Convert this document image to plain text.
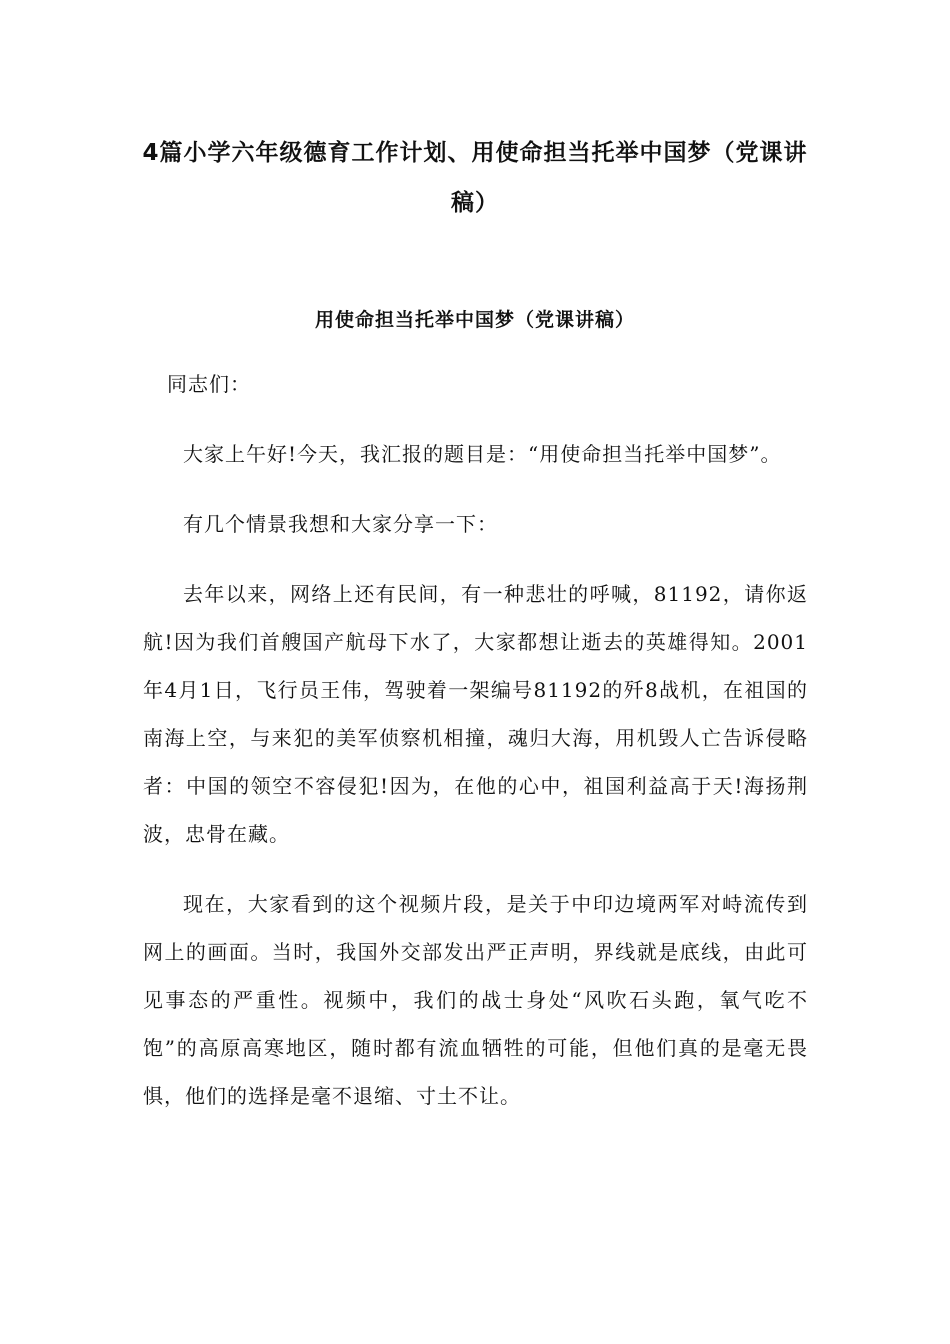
4篇小学六年级德育工作计划、用使命担当托举中国梦（党课讲稿）
用使命担当托举中国梦（党课讲稿）

同志们：

大家上午好!今天，我汇报的题目是：“用使命担当托举中国梦”。

有几个情景我想和大家分享一下：

去年以来，网络上还有民间，有一种悲壮的呼喊，81192，请你返航!因为我们首艘国产航母下水了，大家都想让逝去的英雄得知。2001年4月1日，飞行员王伟，驾驶着一架编号81192的歼8战机，在祖国的南海上空，与来犯的美军侦察机相撞，魂归大海，用机毁人亡告诉侵略者：中国的领空不容侵犯!因为，在他的心中，祖国利益高于天!海扬荆波，忠骨在藏。

现在，大家看到的这个视频片段，是关于中印边境两军对峙流传到网上的画面。当时，我国外交部发出严正声明，界线就是底线，由此可见事态的严重性。视频中，我们的战士身处“风吹石头跑，氧气吃不饱”的高原高寒地区，随时都有流血牺牲的可能，但他们真的是毫无畏惧，他们的选择是毫不退缩、寸土不让。
